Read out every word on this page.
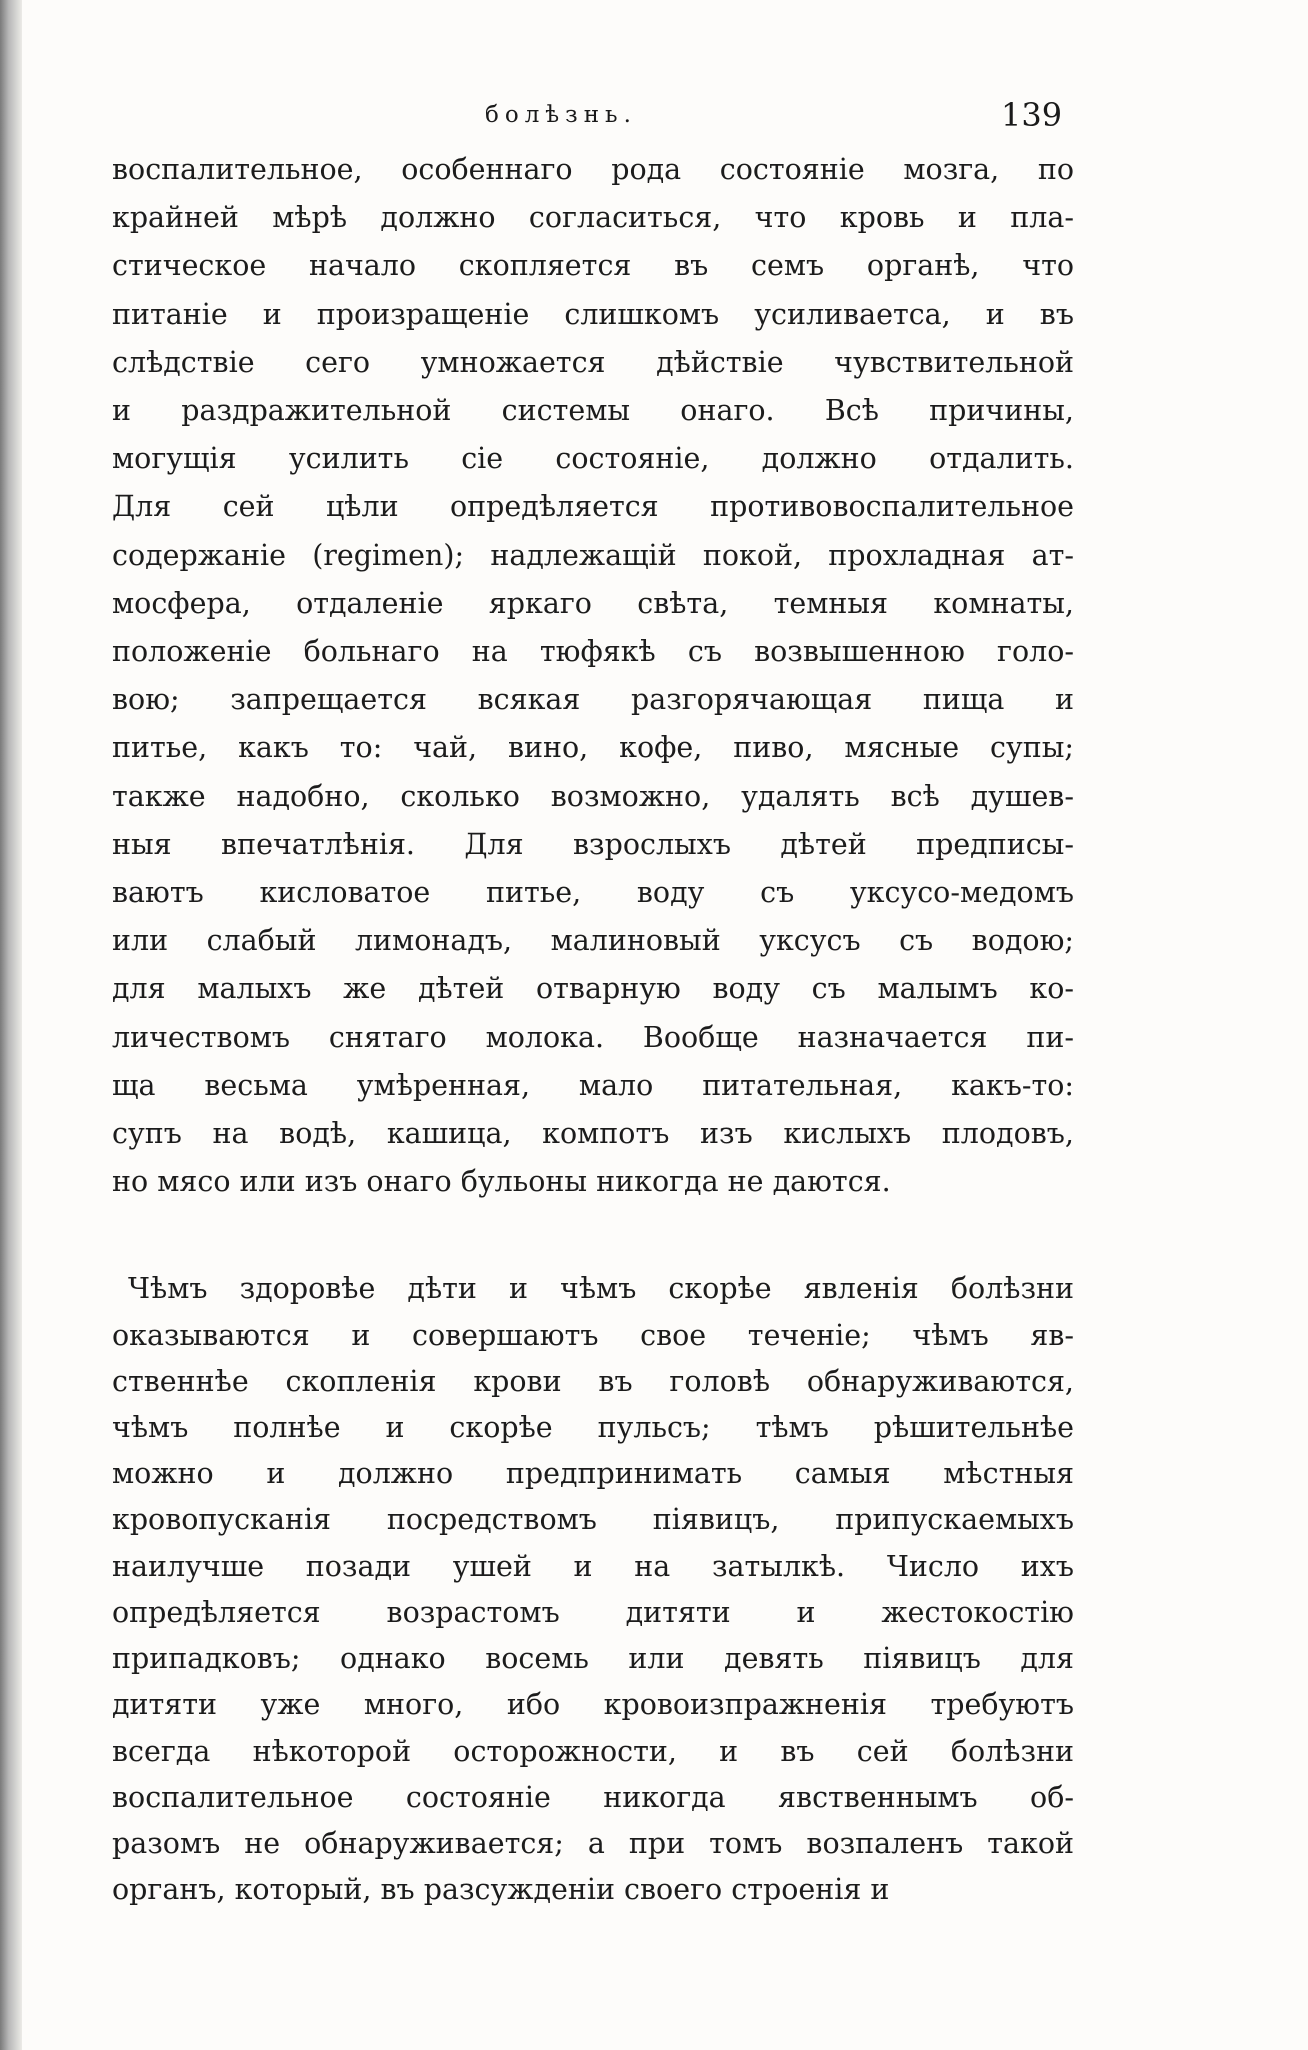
болѣзнь.	139

воспалительное, особеннаго рода состояніе мозга, по
крайней мѣрѣ должно согласиться, что кровь и пла-
стическое начало скопляется въ семъ органѣ, что
питаніе и произращеніе слишкомъ усиливаетса, и въ
слѣдствіе сего умножается дѣйствіе чувствительной
и раздражительной системы онаго. Всѣ причины,
могущія усилить сіе состояніе, должно отдалить.
Для сей цѣли опредѣляется противовоспалительное
содержаніе (regimen); надлежащій покой, прохладная ат-
мосфера, отдаленіе яркаго свѣта, темныя комнаты,
положеніе больнаго на тюфякѣ съ возвышенною голо-
вою; запрещается всякая разгорячающая пища и
питье, какъ то: чай, вино, кофе, пиво, мясные супы;
также надобно, сколько возможно, удалять всѣ душев-
ныя впечатлѣнія. Для взрослыхъ дѣтей предписы-
ваютъ кисловатое питье, воду съ уксусо-медомъ
или слабый лимонадъ, малиновый уксусъ съ водою;
для малыхъ же дѣтей отварную воду съ малымъ ко-
личествомъ снятаго молока. Вообще назначается пи-
ща весьма умѣренная, мало питательная, какъ-то:
супъ на водѣ, кашица, компотъ изъ кислыхъ плодовъ,
но мясо или изъ онаго бульоны никогда не даются.

Чѣмъ здоровѣе дѣти и чѣмъ скорѣе явленія болѣзни
оказываются и совершаютъ свое теченіе; чѣмъ яв-
ственнѣе скопленія крови въ головѣ обнаруживаются,
чѣмъ полнѣе и скорѣе пульсъ; тѣмъ рѣшительнѣе
можно и должно предпринимать самыя мѣстныя
кровопусканія посредствомъ піявицъ, припускаемыхъ
наилучше позади ушей и на затылкѣ. Число ихъ
опредѣляется возрастомъ дитяти и жестокостію
припадковъ; однако восемь или девять піявицъ для
дитяти уже много, ибо кровоизпражненія требуютъ
всегда нѣкоторой осторожности, и въ сей болѣзни
воспалительное состояніе никогда явственнымъ об-
разомъ не обнаруживается; а при томъ возпаленъ такой
органъ, который, въ разсужденіи своего строенія и
